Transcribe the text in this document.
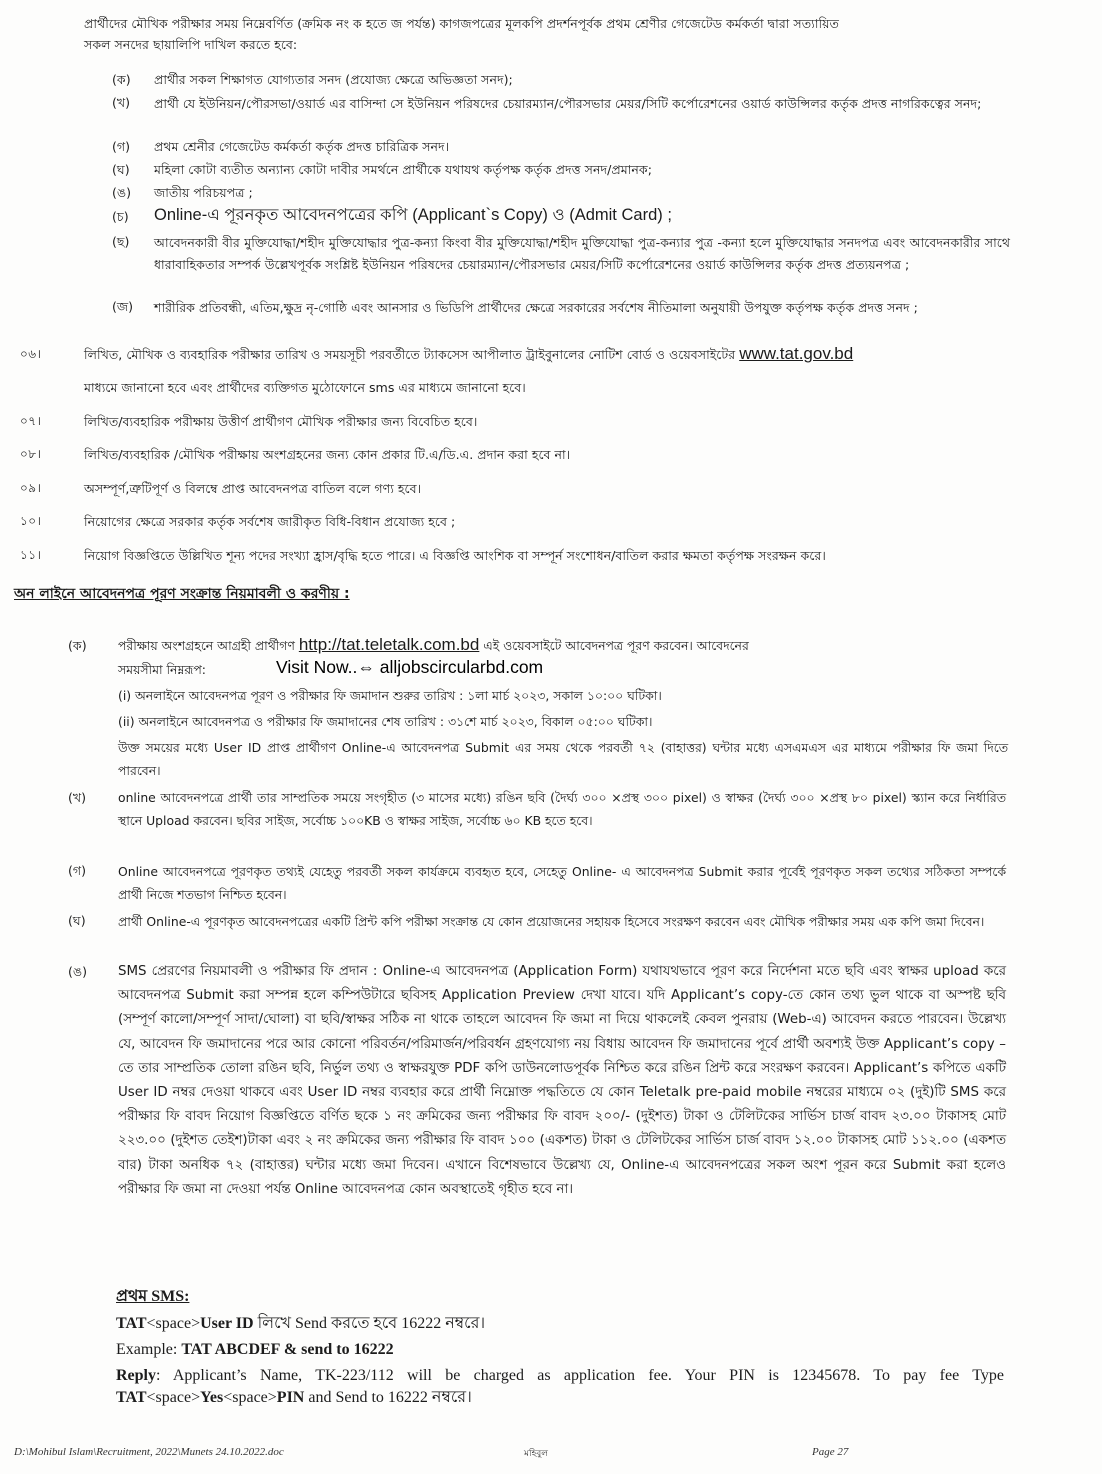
প্রার্থীদের মৌখিক পরীক্ষার সময় নিম্নেবর্ণিত (ক্রমিক নং ক হতে জ পর্যন্ত) কাগজপত্রের মূলকপি প্রদর্শনপূর্বক প্রথম শ্রেণীর গেজেটেড কর্মকর্তা দ্বারা সত্যায়িত
সকল সনদের ছায়ালিপি দাখিল করতে হবে:
(ক) প্রার্থীর সকল শিক্ষাগত যোগ্যতার সনদ (প্রযোজ্য ক্ষেত্রে অভিজ্ঞতা সনদ);
(খ) প্রার্থী যে ইউনিয়ন/পৌরসভা/ওয়ার্ড এর বাসিন্দা সে ইউনিয়ন পরিষদের চেয়ারম্যান/পৌরসভার মেয়র/সিটি কর্পোরেশনের ওয়ার্ড কাউন্সিলর কর্তৃক প্রদত্ত নাগরিকত্বের সনদ;
(গ) প্রথম শ্রেনীর গেজেটেড কর্মকর্তা কর্তৃক প্রদত্ত চারিত্রিক সনদ।
(ঘ) মহিলা কোটা ব্যতীত অন্যান্য কোটা দাবীর সমর্থনে প্রার্থীকে যথাযথ কর্তৃপক্ষ কর্তৃক প্রদত্ত সনদ/প্রমানক;
(ঙ) জাতীয় পরিচয়পত্র ;
(চ) Online-এ পূরনকৃত আবেদনপত্রের কপি (Applicant`s Copy) ও (Admit Card) ;
(ছ) আবেদনকারী বীর মুক্তিযোদ্ধা/শহীদ মুক্তিযোদ্ধার পুত্র-কন্যা কিংবা বীর মুক্তিযোদ্ধা/শহীদ মুক্তিযোদ্ধা পুত্র-কন্যার পুত্র -কন্যা হলে মুক্তিযোদ্ধার সনদপত্র এবং আবেদনকারীর সাথে ধারাবাহিকতার সম্পর্ক উল্লেখপূর্বক সংশ্লিষ্ট ইউনিয়ন পরিষদের চেয়ারম্যান/পৌরসভার মেয়র/সিটি কর্পোরেশনের ওয়ার্ড কাউন্সিলর কর্তৃক প্রদত্ত প্রত্যয়নপত্র ;
(জ) শারীরিক প্রতিবন্ধী, এতিম,ক্ষুদ্র নৃ-গোষ্ঠি এবং আনসার ও ভিডিপি প্রার্থীদের ক্ষেত্রে সরকারের সর্বশেষ নীতিমালা অনুযায়ী উপযুক্ত কর্তৃপক্ষ কর্তৃক প্রদত্ত সনদ ;
০৬।	লিখিত, মৌখিক ও ব্যবহারিক পরীক্ষার তারিখ ও সময়সূচী পরবর্তীতে ট্যাকসেস আপীলাত ট্রাইবুনালের নোটিশ বোর্ড ও ওয়েবসাইটের www.tat.gov.bd
মাধ্যমে জানানো হবে এবং প্রার্থীদের ব্যক্তিগত মুঠোফোনে sms এর মাধ্যমে জানানো হবে।
০৭।	লিখিত/ব্যবহারিক পরীক্ষায় উত্তীর্ণ প্রার্থীগণ মৌখিক পরীক্ষার জন্য বিবেচিত হবে।
০৮।	লিখিত/ব্যবহারিক /মৌখিক পরীক্ষায় অংশগ্রহনের জন্য কোন প্রকার টি.এ/ডি.এ. প্রদান করা হবে না।
০৯।	অসম্পূর্ণ,ত্রুটিপূর্ণ ও বিলম্বে প্রাপ্ত আবেদনপত্র বাতিল বলে গণ্য হবে।
১০।	নিয়োগের ক্ষেত্রে সরকার কর্তৃক সর্বশেষ জারীকৃত বিধি-বিধান প্রযোজ্য হবে ;
১১।	নিয়োগ বিজ্ঞপ্তিতে উল্লিখিত শূন্য পদের সংখ্যা হ্রাস/বৃদ্ধি হতে পারে। এ বিজ্ঞপ্তি আংশিক বা সম্পূর্ন সংশোধন/বাতিল করার ক্ষমতা কর্তৃপক্ষ সংরক্ষন করে।
অন লাইনে আবেদনপত্র পূরণ সংক্রান্ত নিয়মাবলী ও করণীয় :
(ক)	পরীক্ষায় অংশগ্রহনে আগ্রহী প্রার্থীগণ http://tat.teletalk.com.bd এই ওয়েবসাইটে আবেদনপত্র পূরণ করবেন। আবেদনের
সময়সীমা নিম্নরূপ:	Visit Now..⇔ alljobscircularbd.com
(i) অনলাইনে আবেদনপত্র পূরণ ও পরীক্ষার ফি জমাদান শুরুর তারিখ : ১লা মার্চ ২০২৩, সকাল ১০:০০ ঘটিকা।
(ii) অনলাইনে আবেদনপত্র ও পরীক্ষার ফি জমাদানের শেষ তারিখ : ৩১শে মার্চ ২০২৩, বিকাল ০৫:০০ ঘটিকা।
উক্ত সময়ের মধ্যে User ID প্রাপ্ত প্রার্থীগণ Online-এ আবেদনপত্র Submit এর সময় থেকে পরবর্তী ৭২ (বাহাত্তর) ঘন্টার মধ্যে এসএমএস এর মাধ্যমে পরীক্ষার ফি জমা দিতে পারবেন।
(খ)	online আবেদনপত্রে প্রার্থী তার সাম্প্রতিক সময়ে সংগৃহীত (৩ মাসের মধ্যে) রঙিন ছবি (দৈর্ঘ্য ৩০০ ×প্রস্থ ৩০০ pixel) ও স্বাক্ষর (দৈর্ঘ্য ৩০০ ×প্রস্থ ৮০ pixel) স্ক্যান করে নির্ধারিত স্থানে Upload করবেন। ছবির সাইজ, সর্বোচ্চ ১০০KB ও স্বাক্ষর সাইজ, সর্বোচ্চ ৬০ KB হতে হবে।
(গ)	Online আবেদনপত্রে পূরণকৃত তথ্যই যেহেতু পরবর্তী সকল কার্যক্রমে ব্যবহৃত হবে, সেহেতু Online- এ আবেদনপত্র Submit করার পূর্বেই পূরণকৃত সকল তথ্যের সঠিকতা সম্পর্কে প্রার্থী নিজে শতভাগ নিশ্চিত হবেন।
(ঘ)	প্রার্থী Online-এ পূরণকৃত আবেদনপত্রের একটি প্রিন্ট কপি পরীক্ষা সংক্রান্ত যে কোন প্রয়োজনের সহায়ক হিসেবে সংরক্ষণ করবেন এবং মৌখিক পরীক্ষার সময় এক কপি জমা দিবেন।
(ঙ) SMS প্রেরণের নিয়মাবলী ও পরীক্ষার ফি প্রদান : Online-এ আবেদনপত্র (Application Form) যথাযথভাবে পূরণ করে নির্দেশনা মতে ছবি এবং স্বাক্ষর upload করে আবেদনপত্র Submit করা সম্পন্ন হলে কম্পিউটারে ছবিসহ Application Preview দেখা যাবে। যদি Applicant’s copy-তে কোন তথ্য ভুল থাকে বা অস্পষ্ট ছবি (সম্পূর্ণ কালো/সম্পূর্ণ সাদা/ঘোলা) বা ছবি/স্বাক্ষর সঠিক না থাকে তাহলে আবেদন ফি জমা না দিয়ে থাকলেই কেবল পুনরায় (Web-এ) আবেদন করতে পারবেন। উল্লেখ্য যে, আবেদন ফি জমাদানের পরে আর কোনো পরিবর্তন/পরিমার্জন/পরিবর্ধন গ্রহণযোগ্য নয় বিধায় আবেদন ফি জমাদানের পূর্বে প্রার্থী অবশ্যই উক্ত Applicant’s copy –তে তার সাম্প্রতিক তোলা রঙিন ছবি, নির্ভুল তথ্য ও স্বাক্ষরযুক্ত PDF কপি ডাউনলোডপূর্বক নিশ্চিত করে রঙিন প্রিন্ট করে সংরক্ষণ করবেন। Applicant’s কপিতে একটি User ID নম্বর দেওয়া থাকবে এবং User ID নম্বর ব্যবহার করে প্রার্থী নিম্নোক্ত পদ্ধতিতে যে কোন Teletalk pre-paid mobile নম্বরের মাধ্যমে ০২ (দুই)টি SMS করে পরীক্ষার ফি বাবদ নিয়োগ বিজ্ঞপ্তিতে বর্ণিত ছকে ১ নং ক্রমিকের জন্য পরীক্ষার ফি বাবদ ২০০/- (দুইশত) টাকা ও টেলিটকের সার্ভিস চার্জ বাবদ ২৩.০০ টাকাসহ মোট ২২৩.০০ (দুইশত তেইশ)টাকা এবং ২ নং ক্রমিকের জন্য পরীক্ষার ফি বাবদ ১০০ (একশত) টাকা ও টেলিটকের সার্ভিস চার্জ বাবদ ১২.০০ টাকাসহ মোট ১১২.০০ (একশত বার) টাকা অনধিক ৭২ (বাহাত্তর) ঘন্টার মধ্যে জমা দিবেন। এখানে বিশেষভাবে উল্লেখ্য যে, Online-এ আবেদনপত্রের সকল অংশ পূরন করে Submit করা হলেও পরীক্ষার ফি জমা না দেওয়া পর্যন্ত Online আবেদনপত্র কোন অবস্থাতেই গৃহীত হবে না।
প্রথম SMS:
TAT<space>User ID লিখে Send করতে হবে 16222 নম্বরে।
Example: TAT ABCDEF & send to 16222
Reply: Applicant’s Name, TK-223/112 will be charged as application fee. Your PIN is 12345678. To pay fee Type TAT<space>Yes<space>PIN and Send to 16222 নম্বরে।
D:\Mohibul Islam\Recruitment, 2022\Munets 24.10.2022.doc	মহিবুল	Page 27
